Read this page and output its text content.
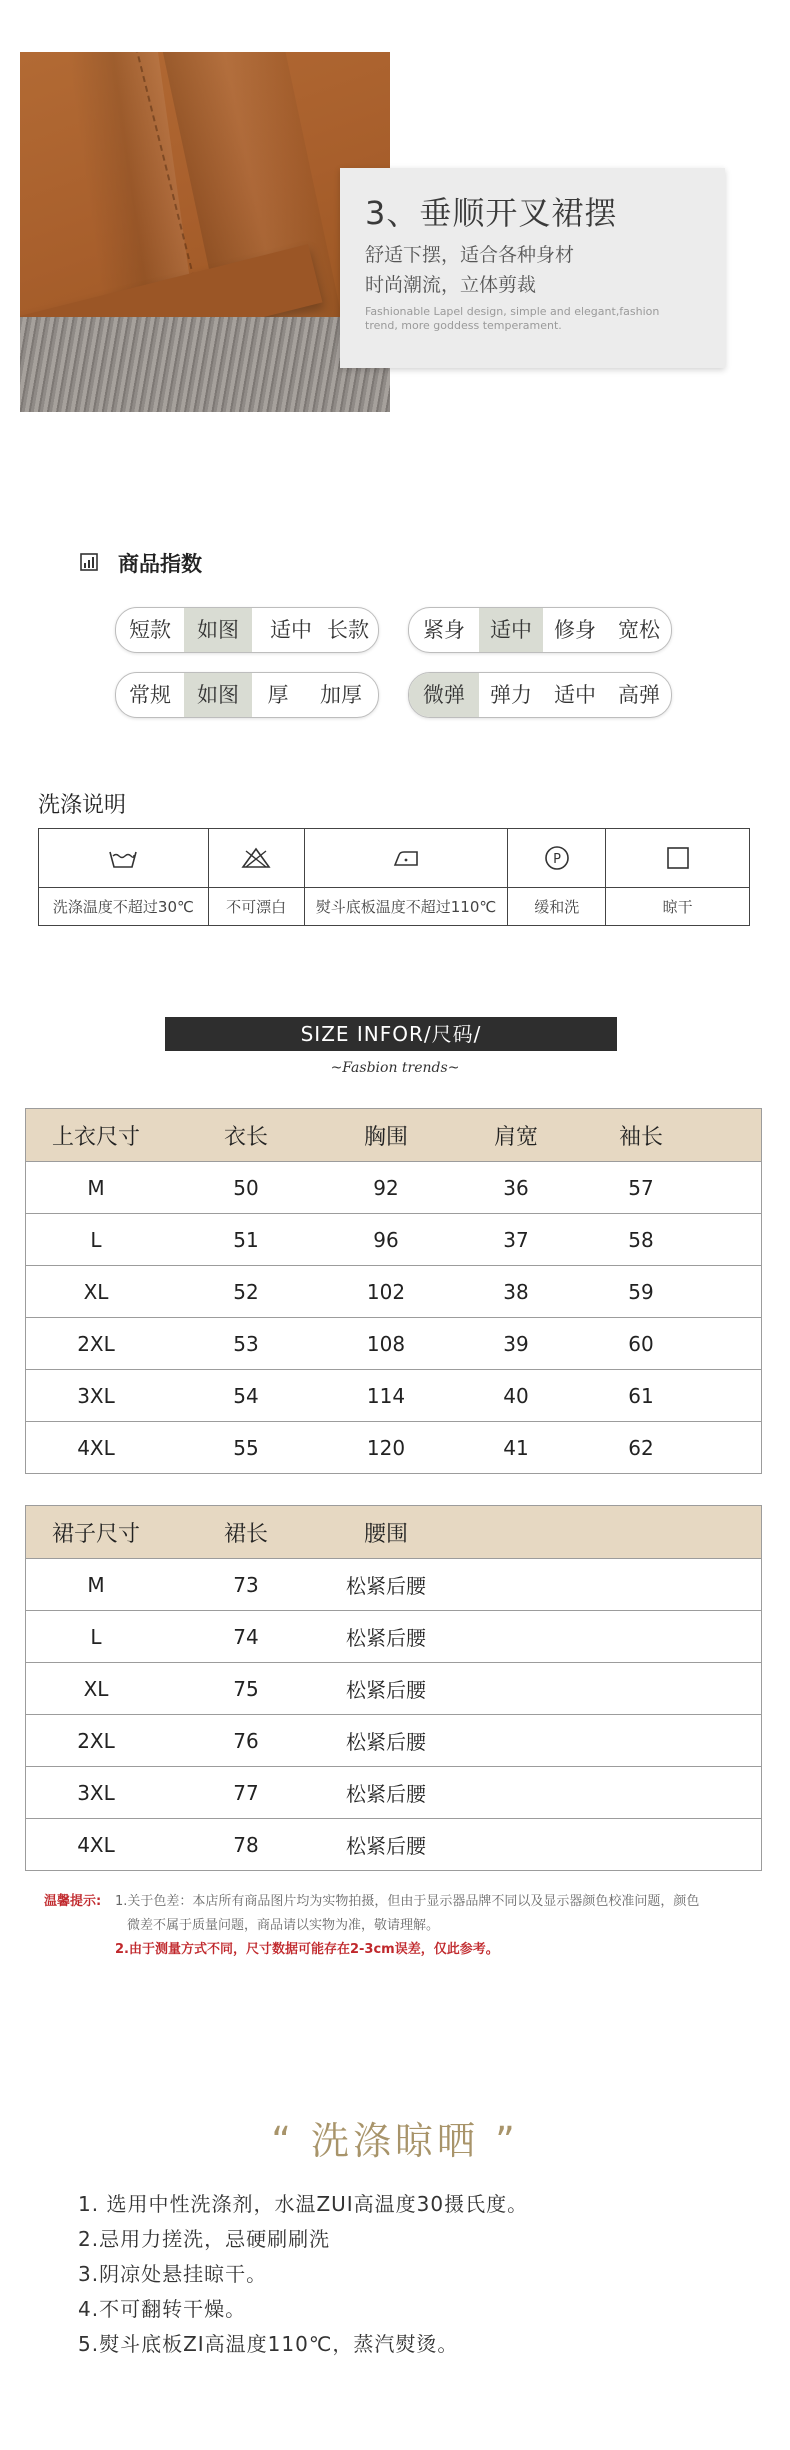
3、垂顺开叉裙摆
舒适下摆，适合各种身材
时尚潮流，立体剪裁
Fashionable Lapel design, simple and elegant,fashion trend, more goddess temperament.
商品指数
短款	如图	适中 长款	紧身	适中	修身	宽松
常规	如图	厚	加厚	微弹	弹力	适中	高弹
洗涤说明

P

洗涤温度不超过30℃	不可漂白	熨斗底板温度不超过110℃	缓和洗	晾干
SIZE INFOR/尺码/
~Fasbion trends~
上衣尺寸	衣长	胸围	肩宽	袖长
M	50	92	36	57
L	51	96	37	58
XL	52	102	38	59
2XL	53	108	39	60
3XL	54	114	40	61
4XL	55	120	41	62
裙子尺寸	裙长	腰围
M	73	松紧后腰
L	74	松紧后腰
XL	75	松紧后腰
2XL	76	松紧后腰
3XL	77	松紧后腰
4XL	78	松紧后腰
温馨提示: 1.关于色差：本店所有商品图片均为实物拍摄，但由于显示器品牌不同以及显示器颜色校准问题，颜色
微差不属于质量问题，商品请以实物为准，敬请理解。
2.由于测量方式不同，尺寸数据可能存在2-3cm误差，仅此参考。
“ 洗涤晾晒 ”
1. 选用中性洗涤剂，水温ZUI高温度30摄氏度。
2.忌用力搓洗，忌硬刷刷洗
3.阴凉处悬挂晾干。
4.不可翻转干燥。
5.熨斗底板ZI高温度110℃，蒸汽熨烫。
